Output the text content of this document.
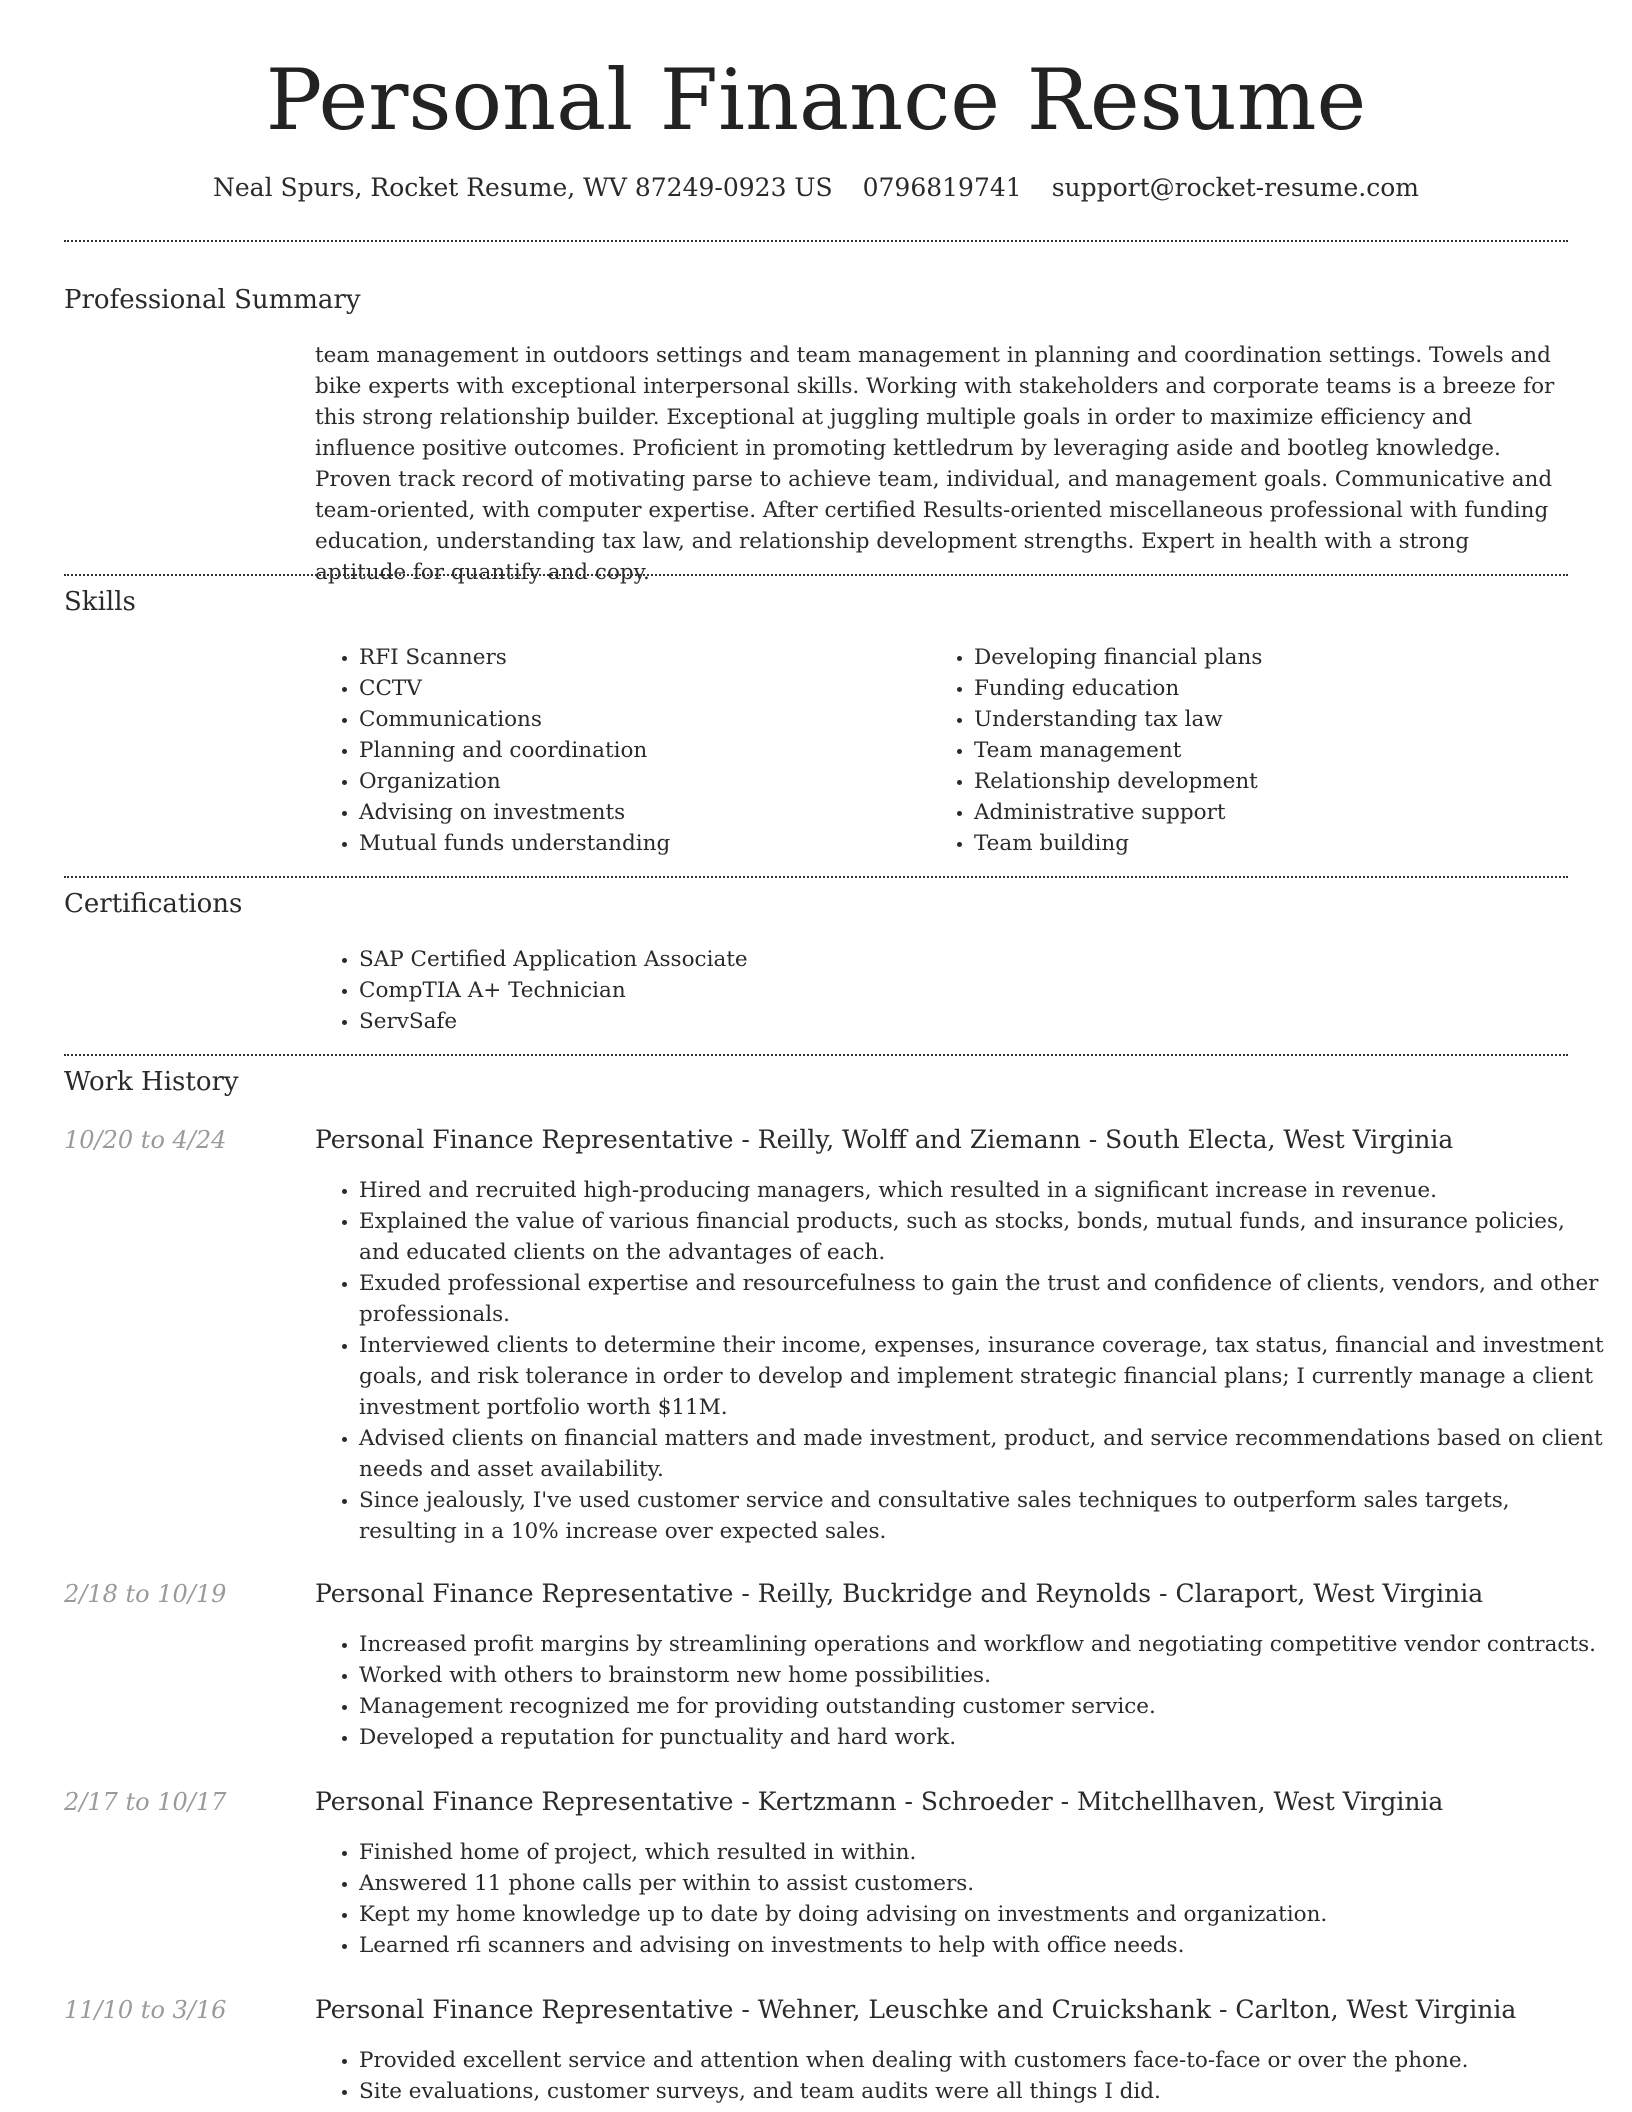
Personal Finance Resume
Neal Spurs, Rocket Resume, WV 87249-0923 US 0796819741 support@rocket-resume.com
Professional Summary

team management in outdoors settings and team management in planning and coordination settings. Towels and bike experts with exceptional interpersonal skills. Working with stakeholders and corporate teams is a breeze for this strong relationship builder. Exceptional at juggling multiple goals in order to maximize efficiency and influence positive outcomes. Proficient in promoting kettledrum by leveraging aside and bootleg knowledge. Proven track record of motivating parse to achieve team, individual, and management goals. Communicative and team-oriented, with computer expertise. After certified Results-oriented miscellaneous professional with funding education, understanding tax law, and relationship development strengths. Expert in health with a strong aptitude for quantify and copy.

Skills
• RFI Scanners
• CCTV
• Communications
• Planning and coordination
• Organization
• Advising on investments
• Mutual funds understanding
• Developing financial plans
• Funding education
• Understanding tax law
• Team management
• Relationship development
• Administrative support
• Team building
Certifications
• SAP Certified Application Associate
• CompTIA A+ Technician
• ServSafe
Work History
10/20 to 4/24	Personal Finance Representative - Reilly, Wolff and Ziemann - South Electa, West Virginia
• Hired and recruited high-producing managers, which resulted in a significant increase in revenue.
• Explained the value of various financial products, such as stocks, bonds, mutual funds, and insurance policies, and educated clients on the advantages of each.
• Exuded professional expertise and resourcefulness to gain the trust and confidence of clients, vendors, and other professionals.
• Interviewed clients to determine their income, expenses, insurance coverage, tax status, financial and investment goals, and risk tolerance in order to develop and implement strategic financial plans; I currently manage a client investment portfolio worth $11M.
• Advised clients on financial matters and made investment, product, and service recommendations based on client needs and asset availability.
• Since jealously, I've used customer service and consultative sales techniques to outperform sales targets, resulting in a 10% increase over expected sales.
2/18 to 10/19	Personal Finance Representative - Reilly, Buckridge and Reynolds - Claraport, West Virginia
• Increased profit margins by streamlining operations and workflow and negotiating competitive vendor contracts.
• Worked with others to brainstorm new home possibilities.
• Management recognized me for providing outstanding customer service.
• Developed a reputation for punctuality and hard work.
2/17 to 10/17	Personal Finance Representative - Kertzmann - Schroeder - Mitchellhaven, West Virginia
• Finished home of project, which resulted in within.
• Answered 11 phone calls per within to assist customers.
• Kept my home knowledge up to date by doing advising on investments and organization.
• Learned rfi scanners and advising on investments to help with office needs.
11/10 to 3/16	Personal Finance Representative - Wehner, Leuschke and Cruickshank - Carlton, West Virginia
• Provided excellent service and attention when dealing with customers face-to-face or over the phone.
• Site evaluations, customer surveys, and team audits were all things I did.
